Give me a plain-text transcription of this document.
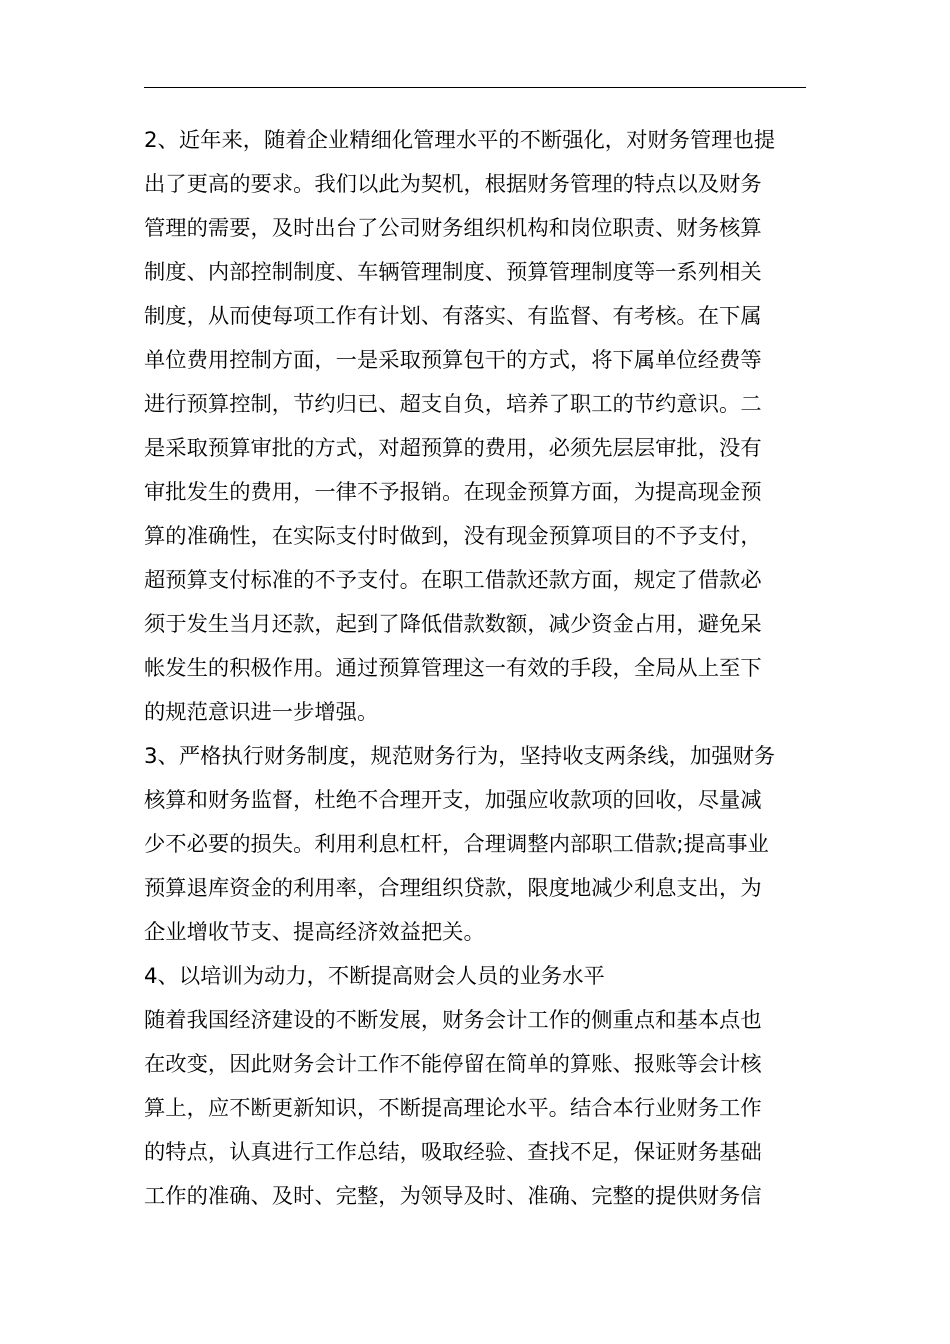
2、近年来，随着企业精细化管理水平的不断强化，对财务管理也提
出了更高的要求。我们以此为契机，根据财务管理的特点以及财务
管理的需要，及时出台了公司财务组织机构和岗位职责、财务核算
制度、内部控制制度、车辆管理制度、预算管理制度等一系列相关
制度，从而使每项工作有计划、有落实、有监督、有考核。在下属
单位费用控制方面，一是采取预算包干的方式，将下属单位经费等
进行预算控制，节约归已、超支自负，培养了职工的节约意识。二
是采取预算审批的方式，对超预算的费用，必须先层层审批，没有
审批发生的费用，一律不予报销。在现金预算方面，为提高现金预
算的准确性，在实际支付时做到，没有现金预算项目的不予支付，
超预算支付标准的不予支付。在职工借款还款方面，规定了借款必
须于发生当月还款，起到了降低借款数额，减少资金占用，避免呆
帐发生的积极作用。通过预算管理这一有效的手段，全局从上至下
的规范意识进一步增强。
3、严格执行财务制度，规范财务行为，坚持收支两条线，加强财务
核算和财务监督，杜绝不合理开支，加强应收款项的回收，尽量减
少不必要的损失。利用利息杠杆，合理调整内部职工借款;提高事业
预算退库资金的利用率，合理组织贷款，限度地减少利息支出，为
企业增收节支、提高经济效益把关。
4、以培训为动力，不断提高财会人员的业务水平
随着我国经济建设的不断发展，财务会计工作的侧重点和基本点也
在改变，因此财务会计工作不能停留在简单的算账、报账等会计核
算上，应不断更新知识，不断提高理论水平。结合本行业财务工作
的特点，认真进行工作总结，吸取经验、查找不足，保证财务基础
工作的准确、及时、完整，为领导及时、准确、完整的提供财务信
